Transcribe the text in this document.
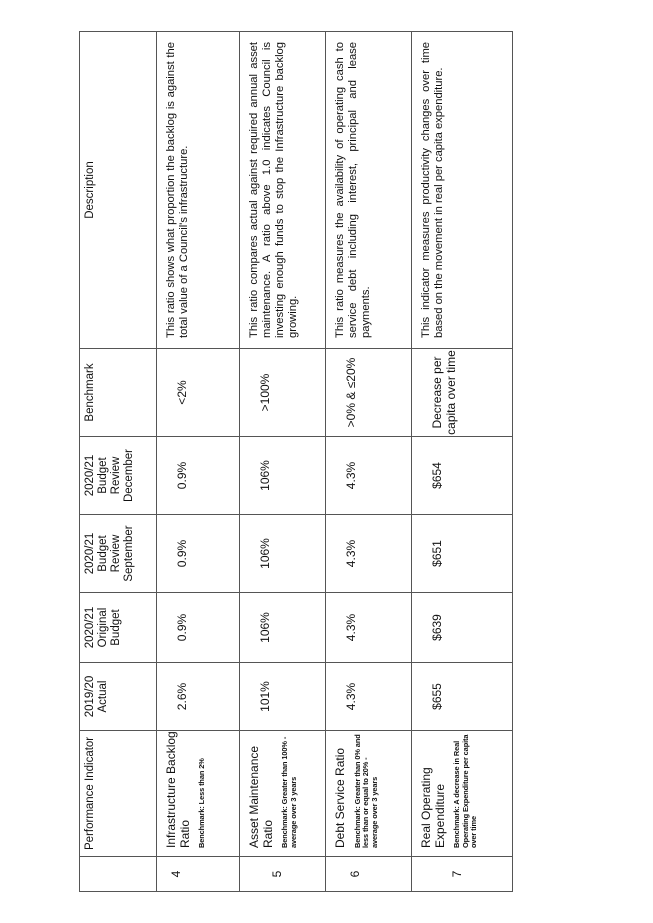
	Performance Indicator	2019/20 Actual	2020/21 Original Budget	2020/21 Budget Review September	2020/21 Budget Review December	Benchmark	Description
4	Infrastructure Backlog Ratio Benchmark: Less than 2%	2.6%	0.9%	0.9%	0.9%	<2%	This ratio shows what proportion the backlog is against the total value of a Council's infrastructure.
5	Asset Maintenance Ratio Benchmark: Greater than 100% - average over 3 years	101%	106%	106%	106%	>100%	This ratio compares actual against required annual asset maintenance. A ratio above 1.0 indicates Council is investing enough funds to stop the Infrastructure backlog growing.
6	Debt Service Ratio Benchmark: Greater than 0% and less than or equal to 20% - average over 3 years	4.3%	4.3%	4.3%	4.3%	>0% & ≤20%	This ratio measures the availability of operating cash to service debt including interest, principal and lease payments.
7	Real Operating Expenditure Benchmark: A decrease in Real Operating Expenditure per capita over time	$655	$639	$651	$654	Decrease per capita over time	This indicator measures productivity changes over time based on the movement in real per capita expenditure.
